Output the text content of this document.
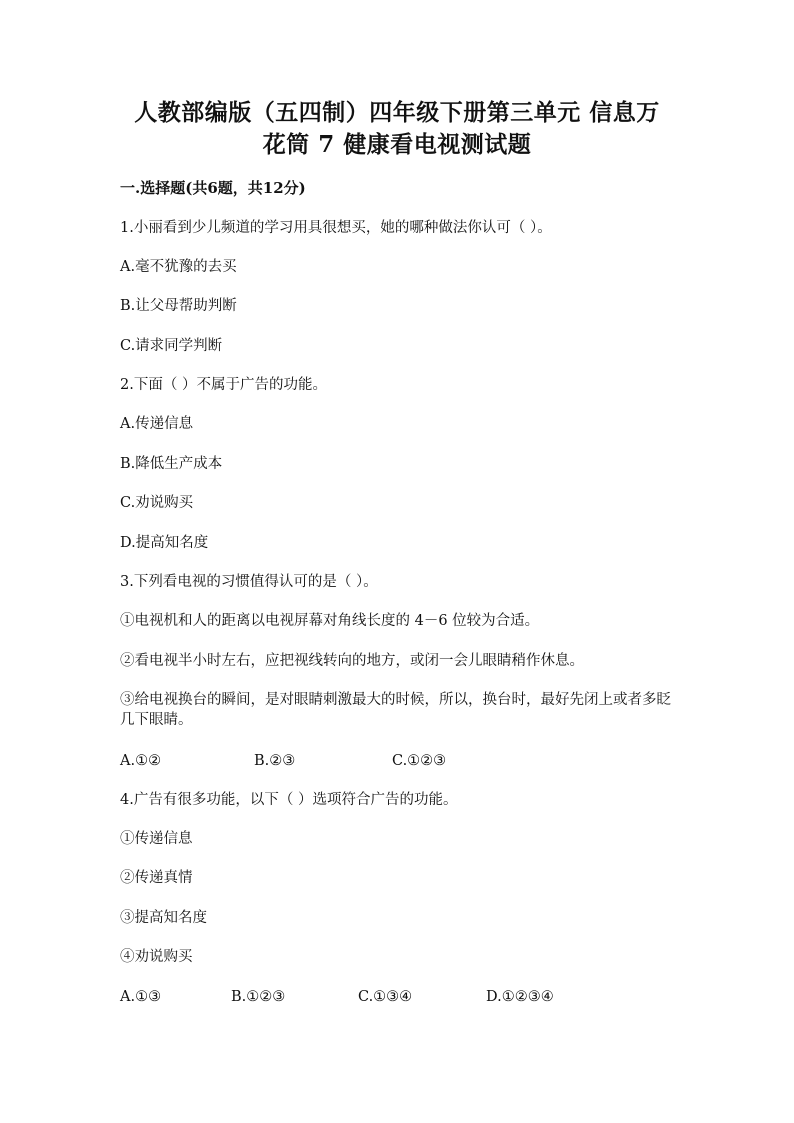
人教部编版（五四制）四年级下册第三单元 信息万
花筒 7 健康看电视测试题

一.选择题(共6题，共12分)

1.小丽看到少儿频道的学习用具很想买，她的哪种做法你认可（ ）。

A.毫不犹豫的去买

B.让父母帮助判断

C.请求同学判断

2.下面（ ）不属于广告的功能。

A.传递信息

B.降低生产成本

C.劝说购买

D.提高知名度

3.下列看电视的习惯值得认可的是（ ）。

①电视机和人的距离以电视屏幕对角线长度的 4－6 位较为合适。

②看电视半小时左右，应把视线转向的地方，或闭一会儿眼睛稍作休息。

③给电视换台的瞬间，是对眼睛刺激最大的时候，所以，换台时，最好先闭上或者多眨几下眼睛。

A.①②	B.②③	C.①②③

4.广告有很多功能，以下（ ）选项符合广告的功能。

①传递信息

②传递真情

③提高知名度

④劝说购买

A.①③	B.①②③	C.①③④	D.①②③④
